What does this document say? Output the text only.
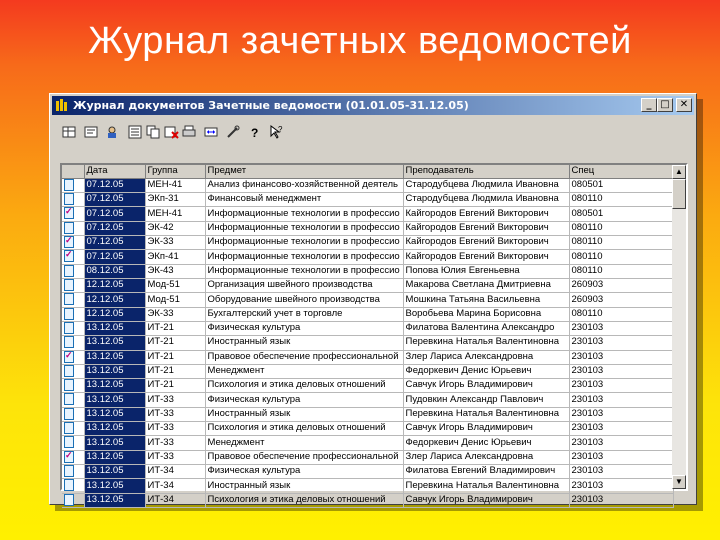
Журнал зачетных ведомостей
Журнал документов Зачетные ведомости (01.01.05-31.12.05)	_ □	✕
? ?
	Дата	Группа	Предмет	Преподаватель	Спец
	07.12.05	МЕН-41	Анализ финансово-хозяйственной деятель	Стародубцева Людмила Ивановна	080501
	07.12.05	ЭКп-31	Финансовый менеджмент	Стародубцева Людмила Ивановна	080110
✓	07.12.05	МЕН-41	Информационные технологии в профессио	Кайгородов Евгений Викторович	080501
	07.12.05	ЭК-42	Информационные технологии в профессио	Кайгородов Евгений Викторович	080110
✓	07.12.05	ЭК-33	Информационные технологии в профессио	Кайгородов Евгений Викторович	080110
✓	07.12.05	ЭКп-41	Информационные технологии в профессио	Кайгородов Евгений Викторович	080110
	08.12.05	ЭК-43	Информационные технологии в профессио	Попова Юлия Евгеньевна	080110
	12.12.05	Мод-51	Организация швейного производства	Макарова Светлана Дмитриевна	260903
	12.12.05	Мод-51	Оборудование швейного производства	Мошкина Татьяна Васильевна	260903
	12.12.05	ЭК-33	Бухгалтерский учет в торговле	Воробьева Марина Борисовна	080110
	13.12.05	ИТ-21	Физическая культура	Филатова Валентина Александро	230103
	13.12.05	ИТ-21	Иностранный язык	Перевкина Наталья Валентиновна	230103
✓	13.12.05	ИТ-21	Правовое обеспечение профессиональной	Злер Лариса Александровна	230103
	13.12.05	ИТ-21	Менеджмент	Федоркевич Денис Юрьевич	230103
	13.12.05	ИТ-21	Психология и этика деловых отношений	Савчук Игорь Владимирович	230103
	13.12.05	ИТ-33	Физическая культура	Пудовкин Александр Павлович	230103
	13.12.05	ИТ-33	Иностранный язык	Перевкина Наталья Валентиновна	230103
	13.12.05	ИТ-33	Психология и этика деловых отношений	Савчук Игорь Владимирович	230103
	13.12.05	ИТ-33	Менеджмент	Федоркевич Денис Юрьевич	230103
✓	13.12.05	ИТ-33	Правовое обеспечение профессиональной	Злер Лариса Александровна	230103
	13.12.05	ИТ-34	Физическая культура	Филатова Евгений Владимирович	230103
	13.12.05	ИТ-34	Иностранный язык	Перевкина Наталья Валентиновна	230103
	13.12.05	ИТ-34	Психология и этика деловых отношений	Савчук Игорь Владимирович	230103
▲
▼
